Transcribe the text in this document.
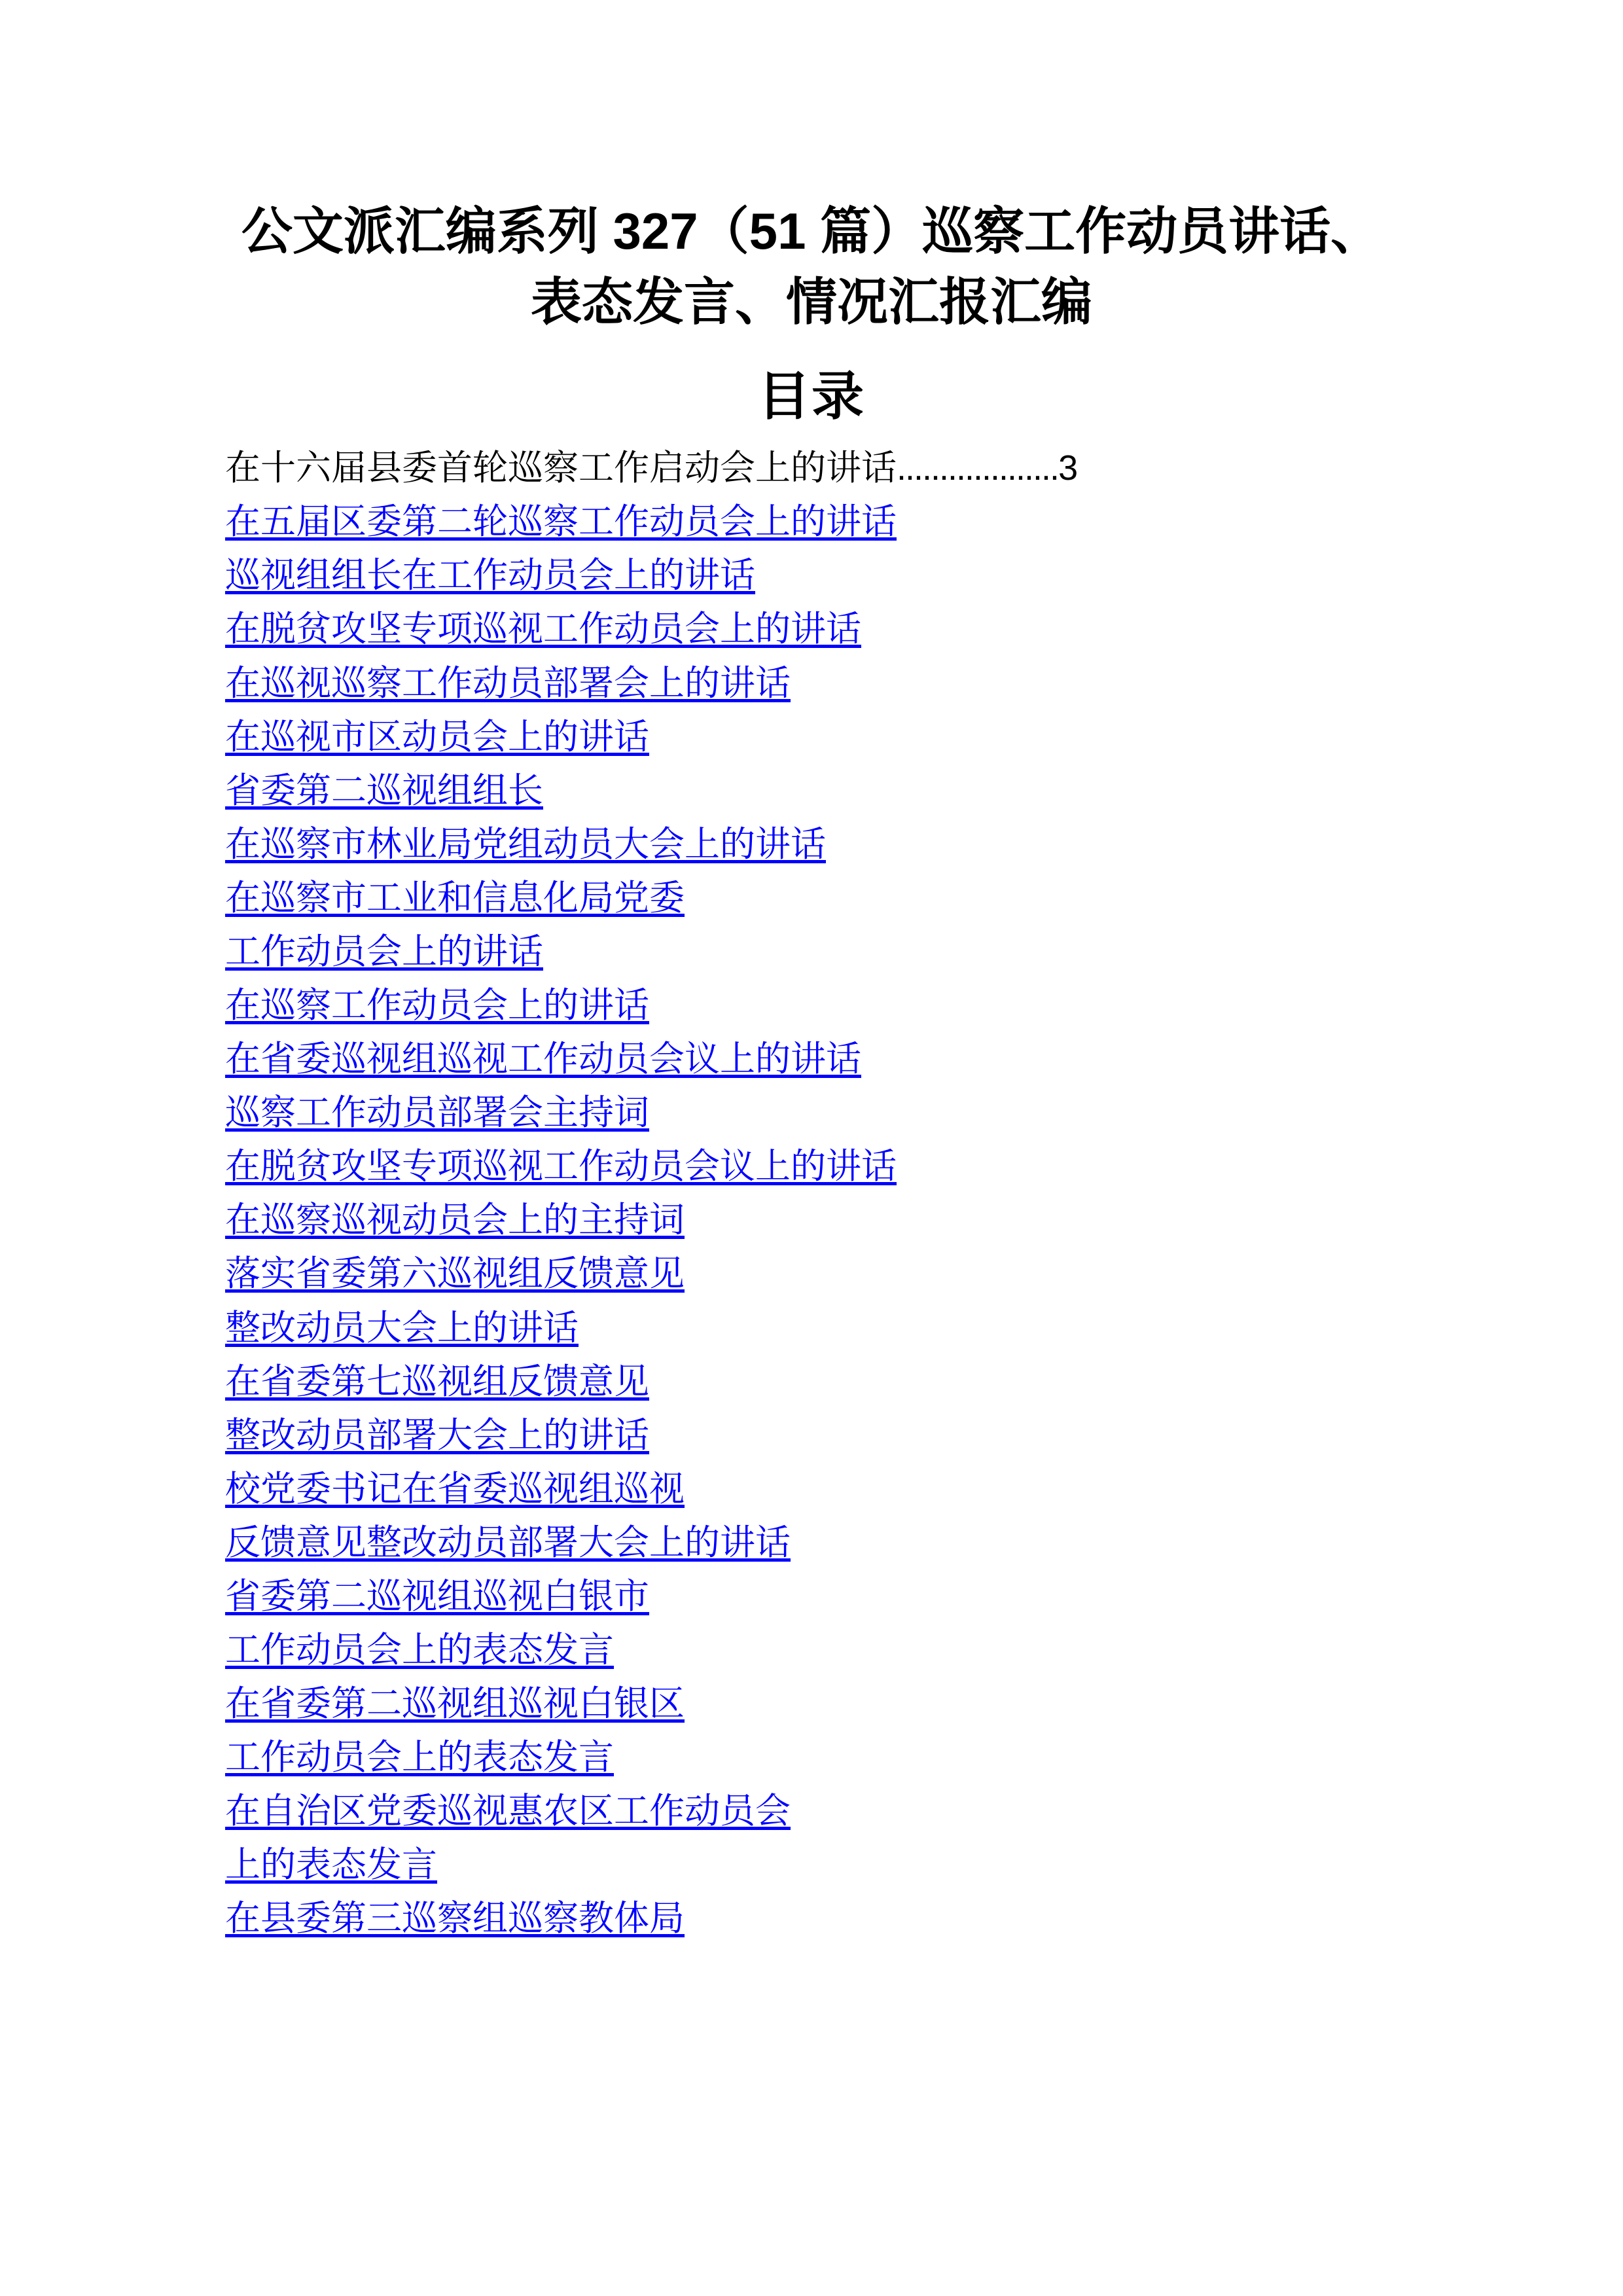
公文派汇编系列 327（51 篇）巡察工作动员讲话、表态发言、情况汇报汇编
目录
在十六届县委首轮巡察工作启动会上的讲话...................3
在五届区委第二轮巡察工作动员会上的讲话
巡视组组长在工作动员会上的讲话
在脱贫攻坚专项巡视工作动员会上的讲话
在巡视巡察工作动员部署会上的讲话
在巡视市区动员会上的讲话
省委第二巡视组组长
在巡察市林业局党组动员大会上的讲话
在巡察市工业和信息化局党委
工作动员会上的讲话
在巡察工作动员会上的讲话
在省委巡视组巡视工作动员会议上的讲话
巡察工作动员部署会主持词
在脱贫攻坚专项巡视工作动员会议上的讲话
在巡察巡视动员会上的主持词
落实省委第六巡视组反馈意见
整改动员大会上的讲话
在省委第七巡视组反馈意见
整改动员部署大会上的讲话
校党委书记在省委巡视组巡视
反馈意见整改动员部署大会上的讲话
省委第二巡视组巡视白银市
工作动员会上的表态发言
在省委第二巡视组巡视白银区
工作动员会上的表态发言
在自治区党委巡视惠农区工作动员会
上的表态发言
在县委第三巡察组巡察教体局
